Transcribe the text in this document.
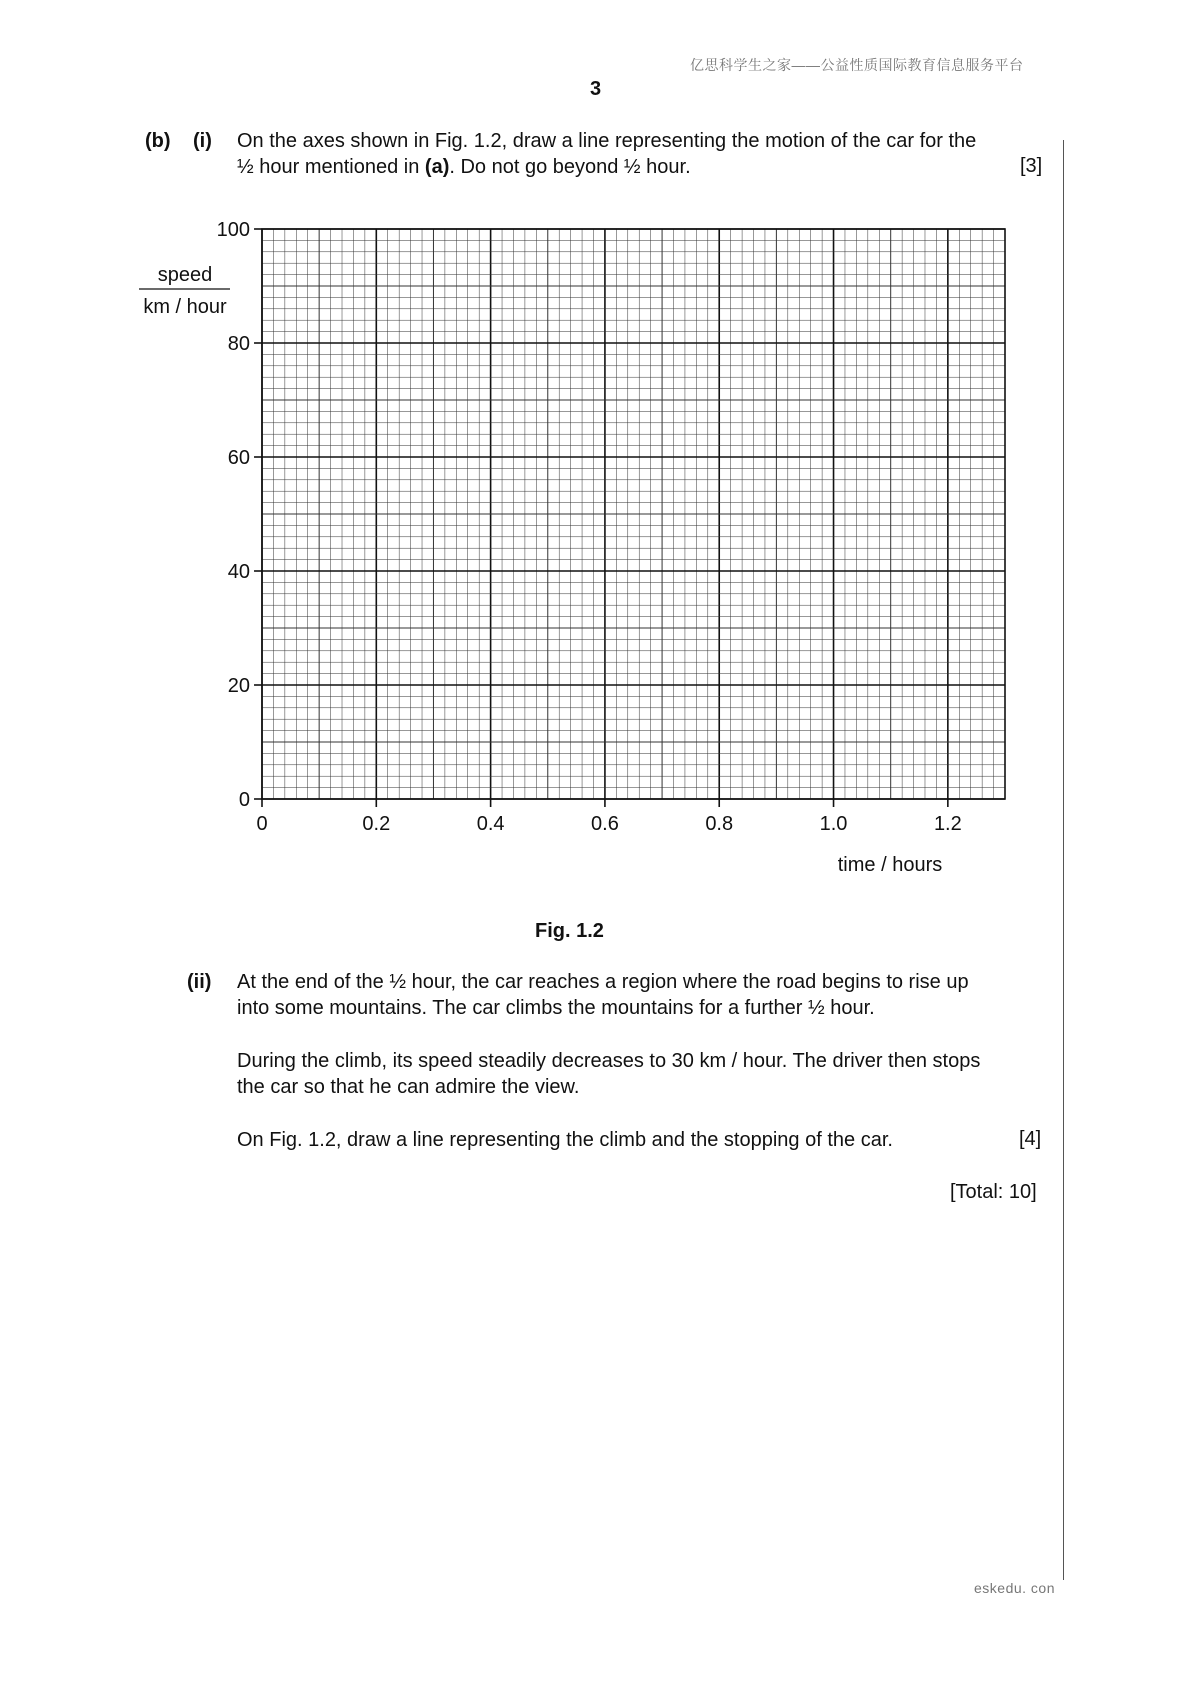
亿思科学生之家——公益性质国际教育信息服务平台
3
(b) (i) On the axes shown in Fig. 1.2, draw a line representing the motion of the car for the
½ hour mentioned in (a). Do not go beyond ½ hour.	[3]
0
20
40
60
80
100
0	0.2	0.4	0.6	0.8	1.0	1.2
speed
km / hour
time / hours
Fig. 1.2
(ii) At the end of the ½ hour, the car reaches a region where the road begins to rise up
into some mountains. The car climbs the mountains for a further ½ hour.
During the climb, its speed steadily decreases to 30 km / hour. The driver then stops
the car so that he can admire the view.
On Fig. 1.2, draw a line representing the climb and the stopping of the car.	[4]
[Total: 10]
eskedu. con
